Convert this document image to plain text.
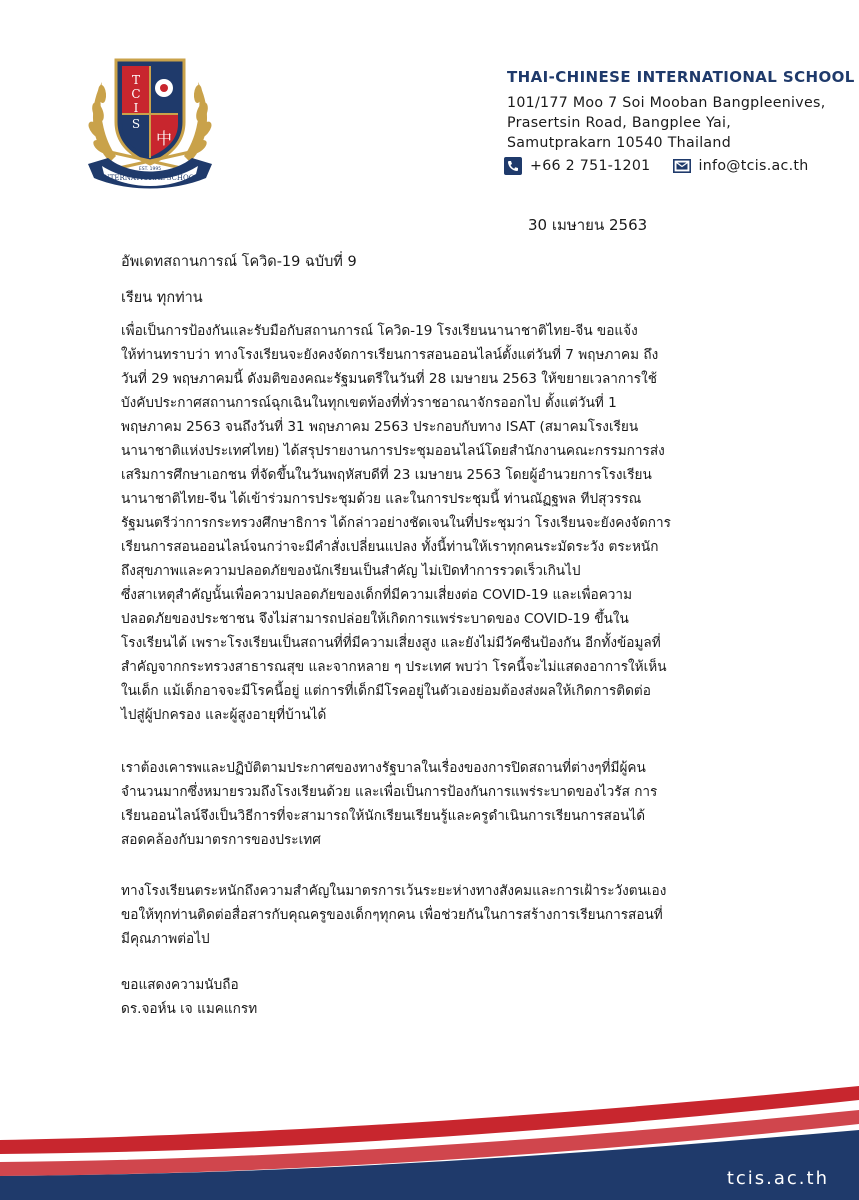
T
C
I
S
中
INTERNATIONAL SCHOOL
EST. 1995
THAI-CHINESE INTERNATIONAL SCHOOL
101/177 Moo 7 Soi Mooban Bangpleenives,
Prasertsin Road, Bangplee Yai,
Samutprakarn 10540 Thailand
+66 2 751-1201	info@tcis.ac.th
30 เมษายน 2563
อัพเดทสถานการณ์ โควิด-19 ฉบับที่ 9
เรียน ทุกท่าน
เพื่อเป็นการป้องกันและรับมือกับสถานการณ์ โควิด-19 โรงเรียนนานาชาติไทย-จีน ขอแจ้ง
ให้ท่านทราบว่า ทางโรงเรียนจะยังคงจัดการเรียนการสอนออนไลน์ตั้งแต่วันที่ 7 พฤษภาคม ถึง
วันที่ 29 พฤษภาคมนี้ ดังมติของคณะรัฐมนตรีในวันที่ 28 เมษายน 2563 ให้ขยายเวลาการใช้
บังคับประกาศสถานการณ์ฉุกเฉินในทุกเขตท้องที่ทั่วราชอาณาจักรออกไป ตั้งแต่วันที่ 1
พฤษภาคม 2563 จนถึงวันที่ 31 พฤษภาคม 2563 ประกอบกับทาง ISAT (สมาคมโรงเรียน
นานาชาติแห่งประเทศไทย) ได้สรุปรายงานการประชุมออนไลน์โดยสำนักงานคณะกรรมการส่ง
เสริมการศึกษาเอกชน ที่จัดขึ้นในวันพฤหัสบดีที่ 23 เมษายน 2563 โดยผู้อำนวยการโรงเรียน
นานาชาติไทย-จีน ได้เข้าร่วมการประชุมด้วย และในการประชุมนี้ ท่านณัฏฐพล ทีปสุวรรณ
รัฐมนตรีว่าการกระทรวงศึกษาธิการ ได้กล่าวอย่างชัดเจนในที่ประชุมว่า โรงเรียนจะยังคงจัดการ
เรียนการสอนออนไลน์จนกว่าจะมีคำสั่งเปลี่ยนแปลง ทั้งนี้ท่านให้เราทุกคนระมัดระวัง ตระหนัก
ถึงสุขภาพและความปลอดภัยของนักเรียนเป็นสำคัญ ไม่เปิดทำการรวดเร็วเกินไป
ซึ่งสาเหตุสำคัญนั้นเพื่อความปลอดภัยของเด็กที่มีความเสี่ยงต่อ COVID-19 และเพื่อความ
ปลอดภัยของประชาชน จึงไม่สามารถปล่อยให้เกิดการแพร่ระบาดของ COVID-19 ขึ้นใน
โรงเรียนได้ เพราะโรงเรียนเป็นสถานที่ที่มีความเสี่ยงสูง และยังไม่มีวัคซีนป้องกัน อีกทั้งข้อมูลที่
สำคัญจากกระทรวงสาธารณสุข และจากหลาย ๆ ประเทศ พบว่า โรคนี้จะไม่แสดงอาการให้เห็น
ในเด็ก แม้เด็กอาจจะมีโรคนี้อยู่ แต่การที่เด็กมีโรคอยู่ในตัวเองย่อมต้องส่งผลให้เกิดการติดต่อ
ไปสู่ผู้ปกครอง และผู้สูงอายุที่บ้านได้
เราต้องเคารพและปฏิบัติตามประกาศของทางรัฐบาลในเรื่องของการปิดสถานที่ต่างๆที่มีผู้คน
จำนวนมากซึ่งหมายรวมถึงโรงเรียนด้วย และเพื่อเป็นการป้องกันการแพร่ระบาดของไวรัส การ
เรียนออนไลน์จึงเป็นวิธีการที่จะสามารถให้นักเรียนเรียนรู้และครูดำเนินการเรียนการสอนได้
สอดคล้องกับมาตรการของประเทศ
ทางโรงเรียนตระหนักถึงความสำคัญในมาตรการเว้นระยะห่างทางสังคมและการเฝ้าระวังตนเอง
ขอให้ทุกท่านติดต่อสื่อสารกับคุณครูของเด็กๆทุกคน เพื่อช่วยกันในการสร้างการเรียนการสอนที่
มีคุณภาพต่อไป
ขอแสดงความนับถือ
ดร.จอห์น เจ แมคแกรท
tcis.ac.th
